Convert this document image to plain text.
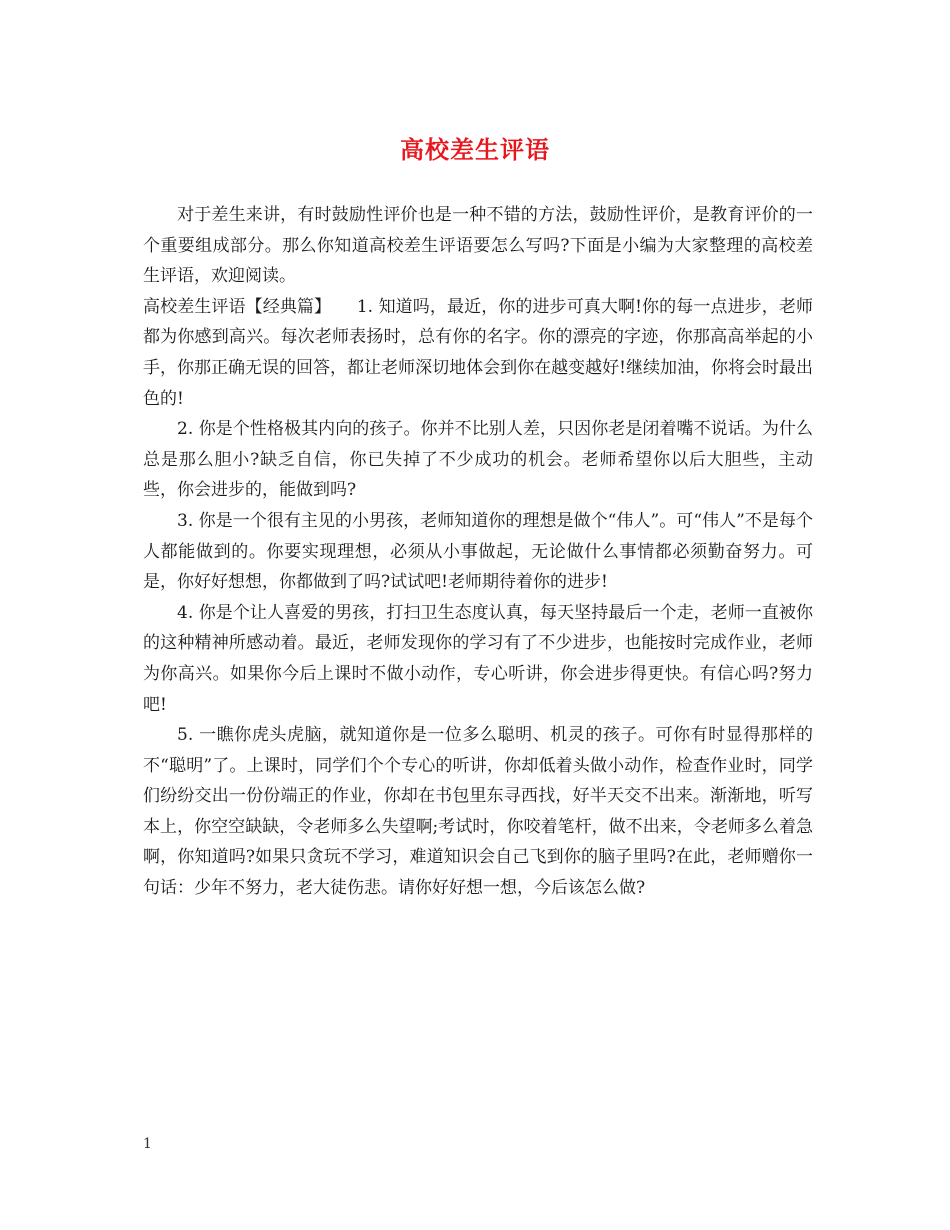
高校差生评语

对于差生来讲，有时鼓励性评价也是一种不错的方法，鼓励性评价，是教育评价的一个重要组成部分。那么你知道高校差生评语要怎么写吗?下面是小编为大家整理的高校差生评语，欢迎阅读。

高校差生评语【经典篇】　　1. 知道吗，最近，你的进步可真大啊!你的每一点进步，老师都为你感到高兴。每次老师表扬时，总有你的名字。你的漂亮的字迹，你那高高举起的小手，你那正确无误的回答，都让老师深切地体会到你在越变越好!继续加油，你将会时最出色的!

2. 你是个性格极其内向的孩子。你并不比别人差，只因你老是闭着嘴不说话。为什么总是那么胆小?缺乏自信，你已失掉了不少成功的机会。老师希望你以后大胆些，主动些，你会进步的，能做到吗?

3. 你是一个很有主见的小男孩，老师知道你的理想是做个“伟人”。可“伟人”不是每个人都能做到的。你要实现理想，必须从小事做起，无论做什么事情都必须勤奋努力。可是，你好好想想，你都做到了吗?试试吧!老师期待着你的进步!

4. 你是个让人喜爱的男孩，打扫卫生态度认真，每天坚持最后一个走，老师一直被你的这种精神所感动着。最近，老师发现你的学习有了不少进步，也能按时完成作业，老师为你高兴。如果你今后上课时不做小动作，专心听讲，你会进步得更快。有信心吗?努力吧!

5. 一瞧你虎头虎脑，就知道你是一位多么聪明、机灵的孩子。可你有时显得那样的不“聪明”了。上课时，同学们个个专心的听讲，你却低着头做小动作，检查作业时，同学们纷纷交出一份份端正的作业，你却在书包里东寻西找，好半天交不出来。渐渐地，听写本上，你空空缺缺，令老师多么失望啊;考试时，你咬着笔杆，做不出来，令老师多么着急啊，你知道吗?如果只贪玩不学习，难道知识会自己飞到你的脑子里吗?在此，老师赠你一句话：少年不努力，老大徒伤悲。请你好好想一想，今后该怎么做?

1
